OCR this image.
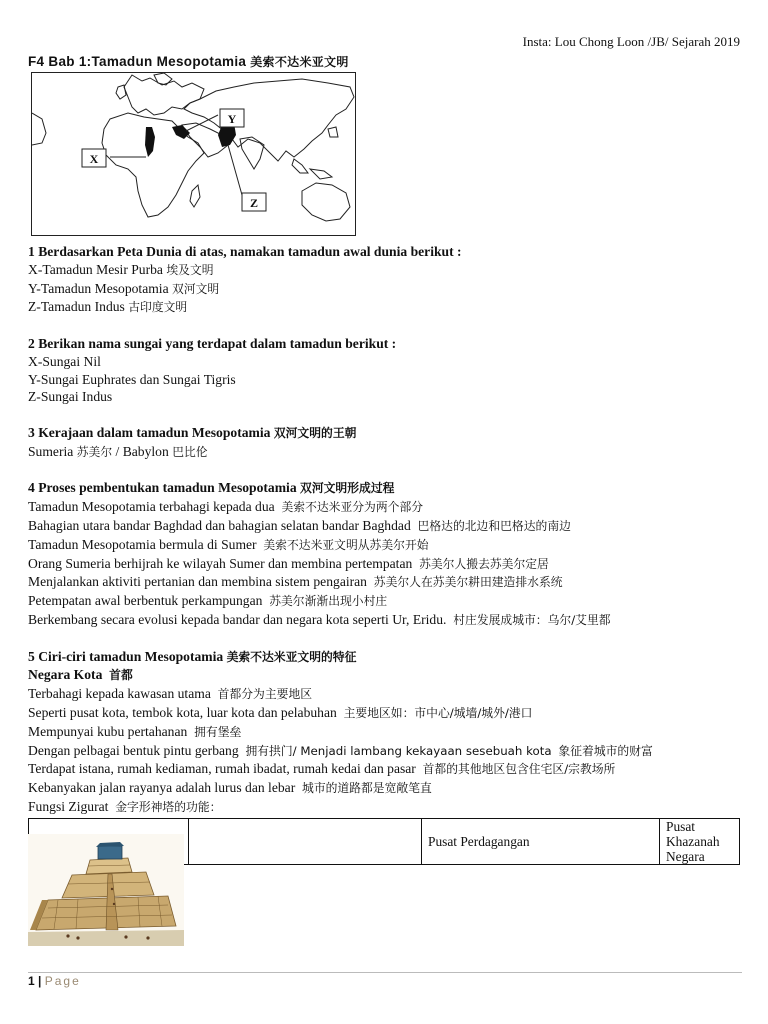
Insta: Lou Chong Loon /JB/ Sejarah 2019
F4 Bab 1:Tamadun Mesopotamia 美索不达米亚文明
X
Y
Z

1 Berdasarkan Peta Dunia di atas, namakan tamadun awal dunia berikut :

X-Tamadun Mesir Purba 埃及文明

Y-Tamadun Mesopotamia 双河文明

Z-Tamadun Indus 古印度文明

2 Berikan nama sungai yang terdapat dalam tamadun berikut :

X-Sungai Nil

Y-Sungai Euphrates dan Sungai Tigris

Z-Sungai Indus

3 Kerajaan dalam tamadun Mesopotamia 双河文明的王朝

Sumeria 苏美尔 / Babylon 巴比伦

4 Proses pembentukan tamadun Mesopotamia 双河文明形成过程

Tamadun Mesopotamia terbahagi kepada dua 美索不达米亚分为两个部分

Bahagian utara bandar Baghdad dan bahagian selatan bandar Baghdad 巴格达的北边和巴格达的南边

Tamadun Mesopotamia bermula di Sumer 美索不达米亚文明从苏美尔开始

Orang Sumeria berhijrah ke wilayah Sumer dan membina pertempatan 苏美尔人搬去苏美尔定居

Menjalankan aktiviti pertanian dan membina sistem pengairan 苏美尔人在苏美尔耕田建造排水系统

Petempatan awal berbentuk perkampungan 苏美尔渐渐出现小村庄

Berkembang secara evolusi kepada bandar dan negara kota seperti Ur, Eridu. 村庄发展成城市：乌尔/艾里都

5 Ciri-ciri tamadun Mesopotamia 美索不达米亚文明的特征

Negara Kota 首都

Terbahagi kepada kawasan utama 首都分为主要地区

Seperti pusat kota, tembok kota, luar kota dan pelabuhan 主要地区如：市中心/城墙/城外/港口

Mempunyai kubu pertahanan 拥有堡垒

Dengan pelbagai bentuk pintu gerbang 拥有拱门/ Menjadi lambang kekayaan sesebuah kota 象征着城市的财富

Terdapat istana, rumah kediaman, rumah ibadat, rumah kedai dan pasar 首都的其他地区包含住宅区/宗教场所

Kebanyakan jalan rayanya adalah lurus dan lebar 城市的道路都是宽敞笔直

Fungsi Zigurat 金字形神塔的功能：

		Pusat Perdagangan	Pusat Khazanah Negara
1 | Page
